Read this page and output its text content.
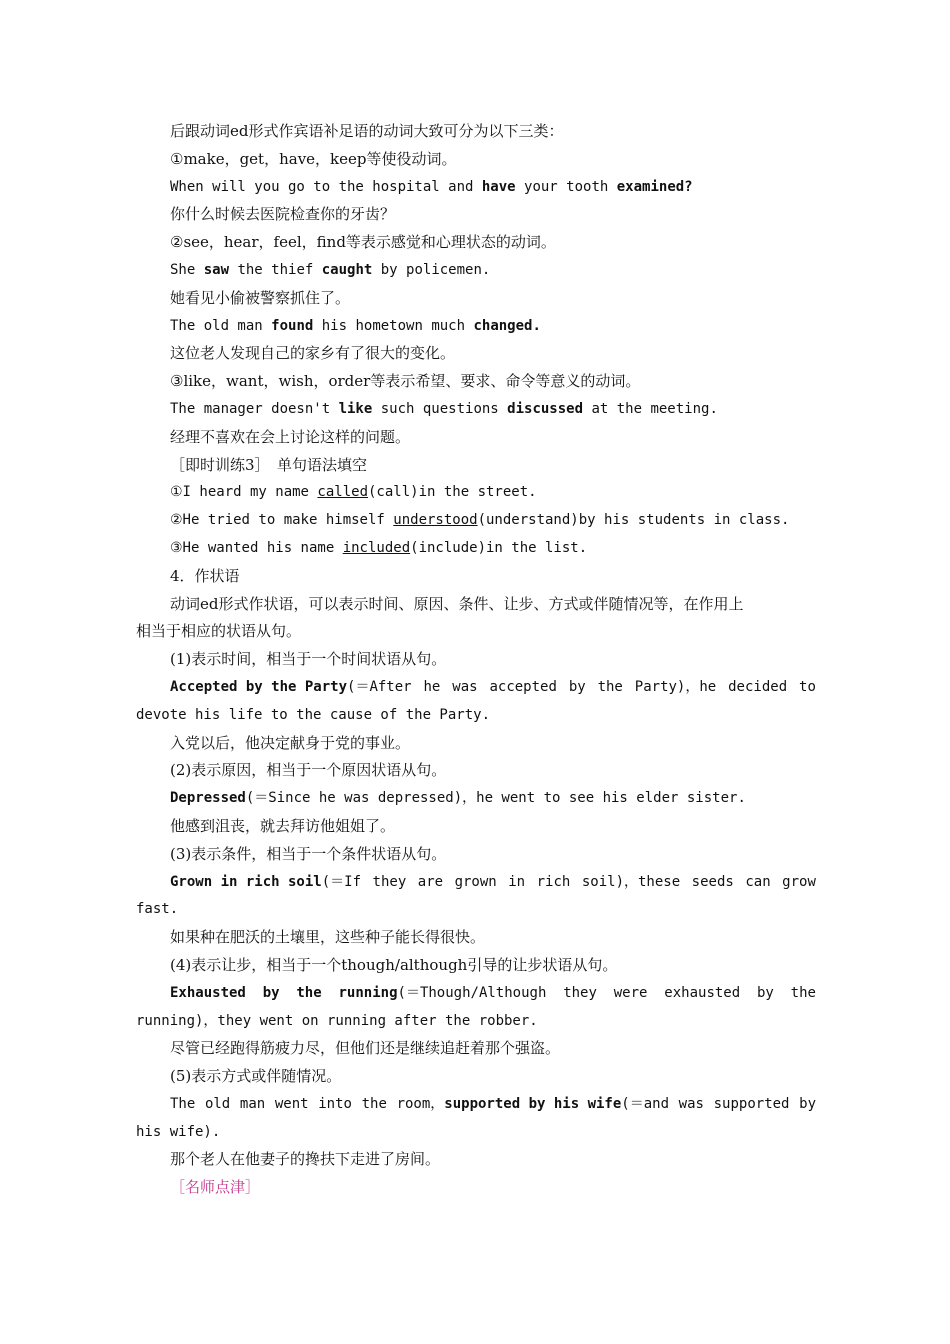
后跟动词ed形式作宾语补足语的动词大致可分为以下三类：
①make，get，have，keep等使役动词。
When will you go to the hospital and have your tooth examined?
你什么时候去医院检查你的牙齿？
②see，hear，feel，find等表示感觉和心理状态的动词。
She saw the thief caught by policemen.
她看见小偷被警察抓住了。
The old man found his hometown much changed.
这位老人发现自己的家乡有了很大的变化。
③like，want，wish，order等表示希望、要求、命令等意义的动词。
The manager doesn't like such questions discussed at the meeting.
经理不喜欢在会上讨论这样的问题。
［即时训练3］　单句语法填空
①I heard my name called(call)in the street.
②He tried to make himself understood(understand)by his students in class.
③He wanted his name included(include)in the list.
4．作状语
动词ed形式作状语，可以表示时间、原因、条件、让步、方式或伴随情况等，在作用上
相当于相应的状语从句。
(1)表示时间，相当于一个时间状语从句。
Accepted by the Party(＝After he was accepted by the Party)，he decided to
devote his life to the cause of the Party.
入党以后，他决定献身于党的事业。
(2)表示原因，相当于一个原因状语从句。
Depressed(＝Since he was depressed)，he went to see his elder sister.
他感到沮丧，就去拜访他姐姐了。
(3)表示条件，相当于一个条件状语从句。
Grown in rich soil(＝If they are grown in rich soil)，these seeds can grow
fast.
如果种在肥沃的土壤里，这些种子能长得很快。
(4)表示让步，相当于一个though/although引导的让步状语从句。
Exhausted by the running(＝Though/Although they were exhausted by the
running)，they went on running after the robber.
尽管已经跑得筋疲力尽，但他们还是继续追赶着那个强盗。
(5)表示方式或伴随情况。
The old man went into the room，supported by his wife(＝and was supported by
his wife).
那个老人在他妻子的搀扶下走进了房间。
［名师点津］
